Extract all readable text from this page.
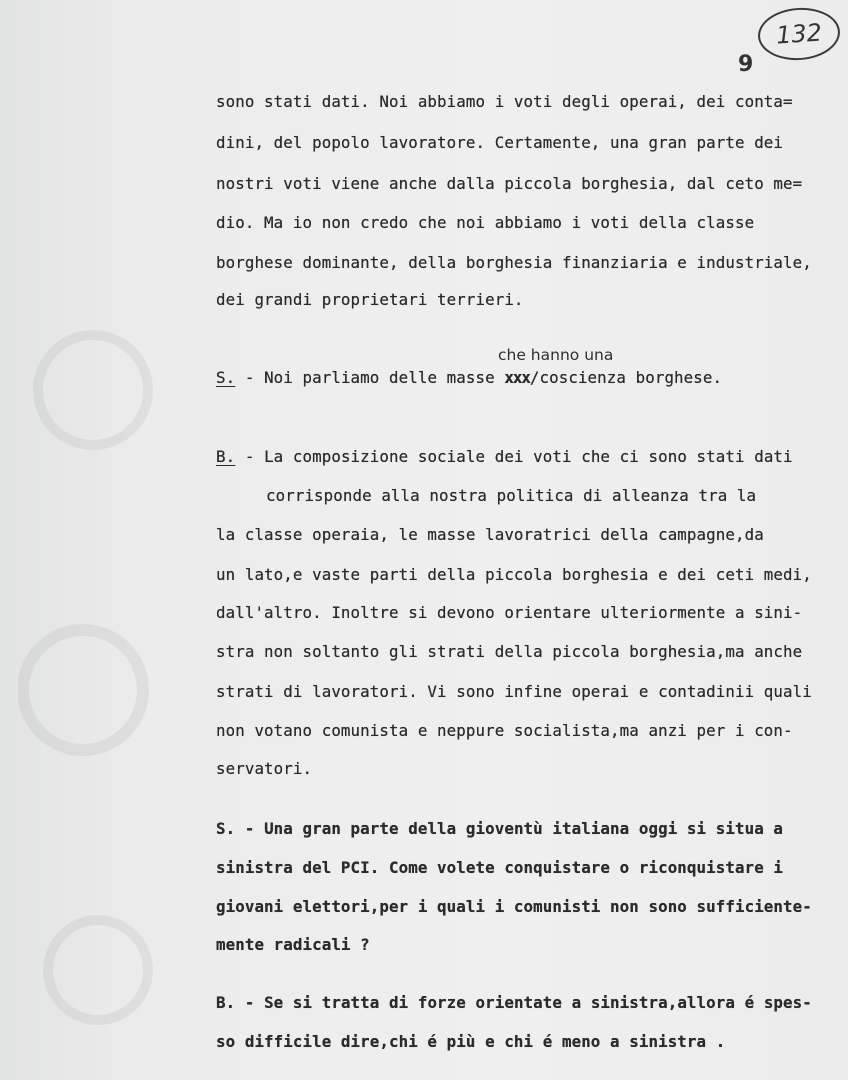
132
9
sono stati dati. Noi abbiamo i voti degli operai, dei conta=
dini, del popolo lavoratore. Certamente, una gran parte dei
nostri voti viene anche dalla piccola borghesia, dal ceto me=
dio. Ma io non credo che noi abbiamo i voti della classe
borghese dominante, della borghesia finanziaria e industriale,
dei grandi proprietari terrieri.
che hanno una
S. - Noi parliamo delle masse xxx/coscienza borghese.
B. - La composizione sociale dei voti che ci sono stati dati
corrisponde alla nostra politica di alleanza tra la
la classe operaia, le masse lavoratrici della campagne,da
un lato,e vaste parti della piccola borghesia e dei ceti medi,
dall'altro. Inoltre si devono orientare ulteriormente a sini-
stra non soltanto gli strati della piccola borghesia,ma anche
strati di lavoratori. Vi sono infine operai e contadinii quali
non votano comunista e neppure socialista,ma anzi per i con-
servatori.
S. - Una gran parte della gioventù italiana oggi si situa a
sinistra del PCI. Come volete conquistare o riconquistare i
giovani elettori,per i quali i comunisti non sono sufficiente-
mente radicali ?
B. - Se si tratta di forze orientate a sinistra,allora é spes-
so difficile dire,chi é più e chi é meno a sinistra .
